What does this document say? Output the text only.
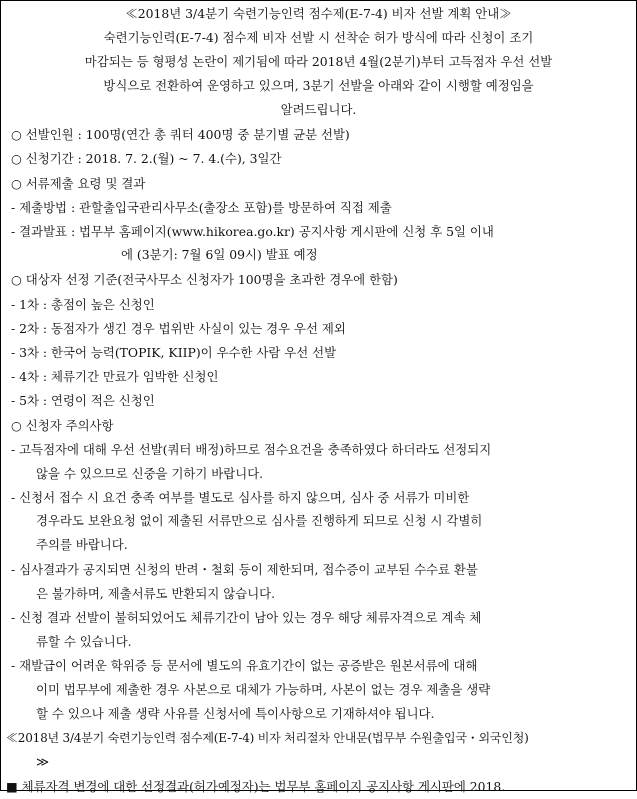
≪2018년 3/4분기 숙련기능인력 점수제(E-7-4) 비자 선발 계획 안내≫
숙련기능인력(E-7-4) 점수제 비자 선발 시 선착순 허가 방식에 따라 신청이 조기
마감되는 등 형평성 논란이 제기됨에 따라 2018년 4월(2분기)부터 고득점자 우선 선발
방식으로 전환하여 운영하고 있으며, 3분기 선발을 아래와 같이 시행할 예정임을
알려드립니다.
○ 선발인원 : 100명(연간 총 쿼터 400명 중 분기별 균분 선발)
○ 신청기간 : 2018. 7. 2.(월) ~ 7. 4.(수), 3일간
○ 서류제출 요령 및 결과
- 제출방법 : 관할출입국관리사무소(출장소 포함)를 방문하여 직접 제출
- 결과발표 : 법무부 홈페이지(www.hikorea.go.kr) 공지사항 게시판에 신청 후 5일 이내
에 (3분기: 7월 6일 09시) 발표 예정
○ 대상자 선정 기준(전국사무소 신청자가 100명을 초과한 경우에 한함)
- 1차 : 총점이 높은 신청인
- 2차 : 동점자가 생긴 경우 법위반 사실이 있는 경우 우선 제외
- 3차 : 한국어 능력(TOPIK, KIIP)이 우수한 사람 우선 선발
- 4차 : 체류기간 만료가 임박한 신청인
- 5차 : 연령이 적은 신청인
○ 신청자 주의사항
- 고득점자에 대해 우선 선발(쿼터 배정)하므로 점수요건을 충족하였다 하더라도 선정되지
않을 수 있으므로 신중을 기하기 바랍니다.
- 신청서 접수 시 요건 충족 여부를 별도로 심사를 하지 않으며, 심사 중 서류가 미비한
경우라도 보완요청 없이 제출된 서류만으로 심사를 진행하게 되므로 신청 시 각별히
주의를 바랍니다.
- 심사결과가 공지되면 신청의 반려・철회 등이 제한되며, 접수증이 교부된 수수료 환불
은 불가하며, 제출서류도 반환되지 않습니다.
- 신청 결과 선발이 불허되었어도 체류기간이 남아 있는 경우 해당 체류자격으로 계속 체
류할 수 있습니다.
- 재발급이 어려운 학위증 등 문서에 별도의 유효기간이 없는 공증받은 원본서류에 대해
이미 법무부에 제출한 경우 사본으로 대체가 가능하며, 사본이 없는 경우 제출을 생략
할 수 있으나 제출 생략 사유를 신청서에 특이사항으로 기재하셔야 됩니다.
≪2018년 3/4분기 숙련기능인력 점수제(E-7-4) 비자 처리절차 안내문(법무부 수원출입국・외국인청)
≫
■ 체류자격 변경에 대한 선정결과(허가예정자)는 법무부 홈페이지 공지사항 게시판에 2018.
